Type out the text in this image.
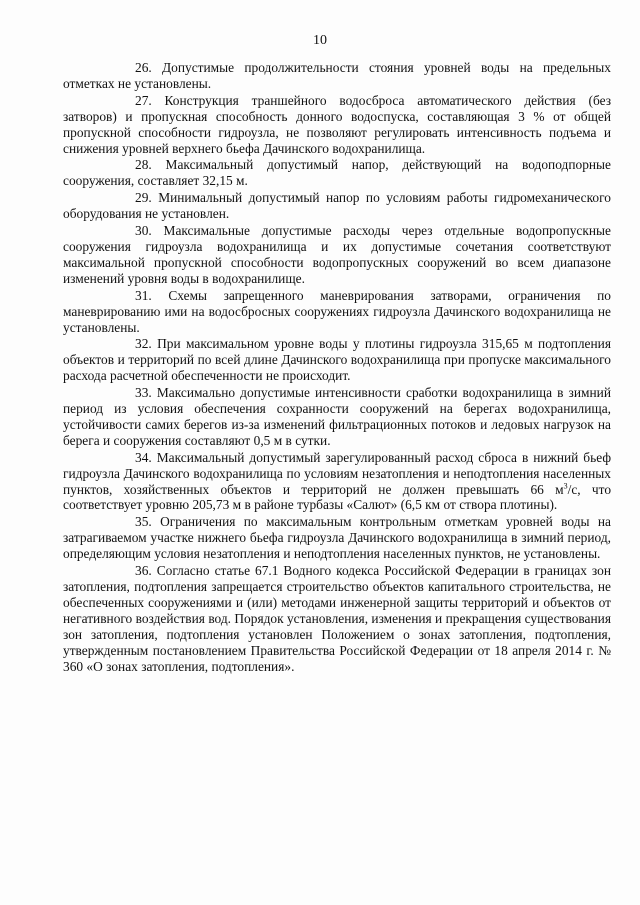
10

26. Допустимые продолжительности стояния уровней воды на предельных отметках не установлены.

27. Конструкция траншейного водосброса автоматического действия (без затворов) и пропускная способность донного водоспуска, составляющая 3 % от общей пропускной способности гидроузла, не позволяют регулировать интенсивность подъема и снижения уровней верхнего бьефа Дачинского водохранилища.

28. Максимальный допустимый напор, действующий на водоподпорные сооружения, составляет 32,15 м.

29. Минимальный допустимый напор по условиям работы гидромеханического оборудования не установлен.

30. Максимальные допустимые расходы через отдельные водопропускные сооружения гидроузла водохранилища и их допустимые сочетания соответствуют максимальной пропускной способности водопропускных сооружений во всем диапазоне изменений уровня воды в водохранилище.

31. Схемы запрещенного маневрирования затворами, ограничения по маневрированию ими на водосбросных сооружениях гидроузла Дачинского водохранилища не установлены.

32. При максимальном уровне воды у плотины гидроузла 315,65 м подтопления объектов и территорий по всей длине Дачинского водохранилища при пропуске максимального расхода расчетной обеспеченности не происходит.

33. Максимально допустимые интенсивности сработки водохранилища в зимний период из условия обеспечения сохранности сооружений на берегах водохранилища, устойчивости самих берегов из-за изменений фильтрационных потоков и ледовых нагрузок на берега и сооружения составляют 0,5 м в сутки.

34. Максимальный допустимый зарегулированный расход сброса в нижний бьеф гидроузла Дачинского водохранилища по условиям незатопления и неподтопления населенных пунктов, хозяйственных объектов и территорий не должен превышать 66 $м^3/с$, что соответствует уровню 205,73 м в районе турбазы «Салют» (6,5 км от створа плотины).

35. Ограничения по максимальным контрольным отметкам уровней воды на затрагиваемом участке нижнего бьефа гидроузла Дачинского водохранилища в зимний период, определяющим условия незатопления и неподтопления населенных пунктов, не установлены.

36. Согласно статье 67.1 Водного кодекса Российской Федерации в границах зон затопления, подтопления запрещается строительство объектов капитального строительства, не обеспеченных сооружениями и (или) методами инженерной защиты территорий и объектов от негативного воздействия вод. Порядок установления, изменения и прекращения существования зон затопления, подтопления установлен Положением о зонах затопления, подтопления, утвержденным постановлением Правительства Российской Федерации от 18 апреля 2014 г. № 360 «О зонах затопления, подтопления».
